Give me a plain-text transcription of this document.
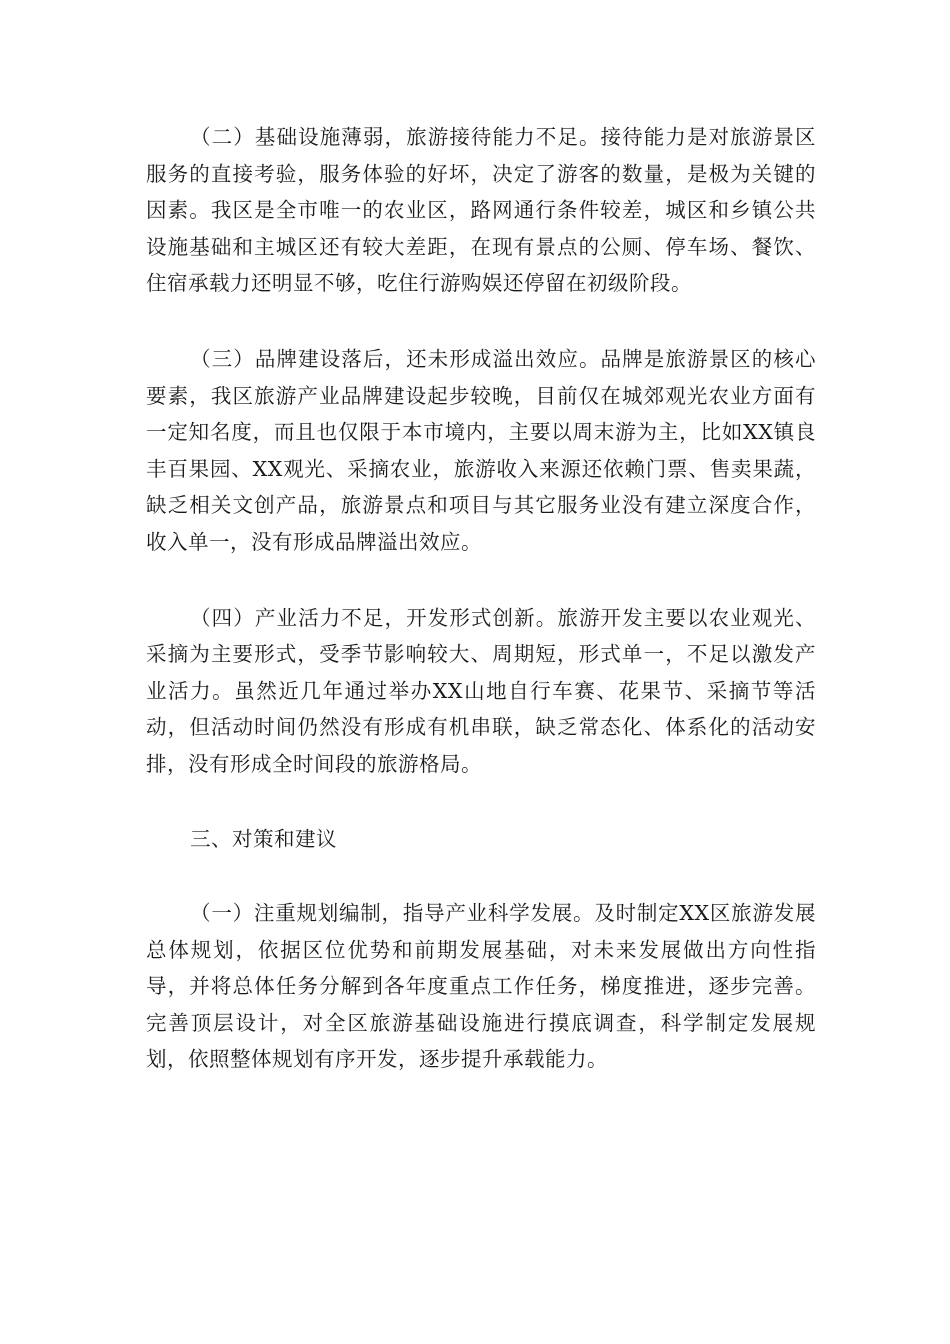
（二）基础设施薄弱，旅游接待能力不足。接待能力是对旅游景区服务的直接考验，服务体验的好坏，决定了游客的数量，是极为关键的因素。我区是全市唯一的农业区，路网通行条件较差，城区和乡镇公共设施基础和主城区还有较大差距，在现有景点的公厕、停车场、餐饮、住宿承载力还明显不够，吃住行游购娱还停留在初级阶段。

（三）品牌建设落后，还未形成溢出效应。品牌是旅游景区的核心要素，我区旅游产业品牌建设起步较晚，目前仅在城郊观光农业方面有一定知名度，而且也仅限于本市境内，主要以周末游为主，比如XX镇良丰百果园、XX观光、采摘农业，旅游收入来源还依赖门票、售卖果蔬，缺乏相关文创产品，旅游景点和项目与其它服务业没有建立深度合作，收入单一，没有形成品牌溢出效应。

（四）产业活力不足，开发形式创新。旅游开发主要以农业观光、采摘为主要形式，受季节影响较大、周期短，形式单一，不足以激发产业活力。虽然近几年通过举办XX山地自行车赛、花果节、采摘节等活动，但活动时间仍然没有形成有机串联，缺乏常态化、体系化的活动安排，没有形成全时间段的旅游格局。

三、对策和建议

（一）注重规划编制，指导产业科学发展。及时制定XX区旅游发展总体规划，依据区位优势和前期发展基础，对未来发展做出方向性指导，并将总体任务分解到各年度重点工作任务，梯度推进，逐步完善。完善顶层设计，对全区旅游基础设施进行摸底调查，科学制定发展规划，依照整体规划有序开发，逐步提升承载能力。
